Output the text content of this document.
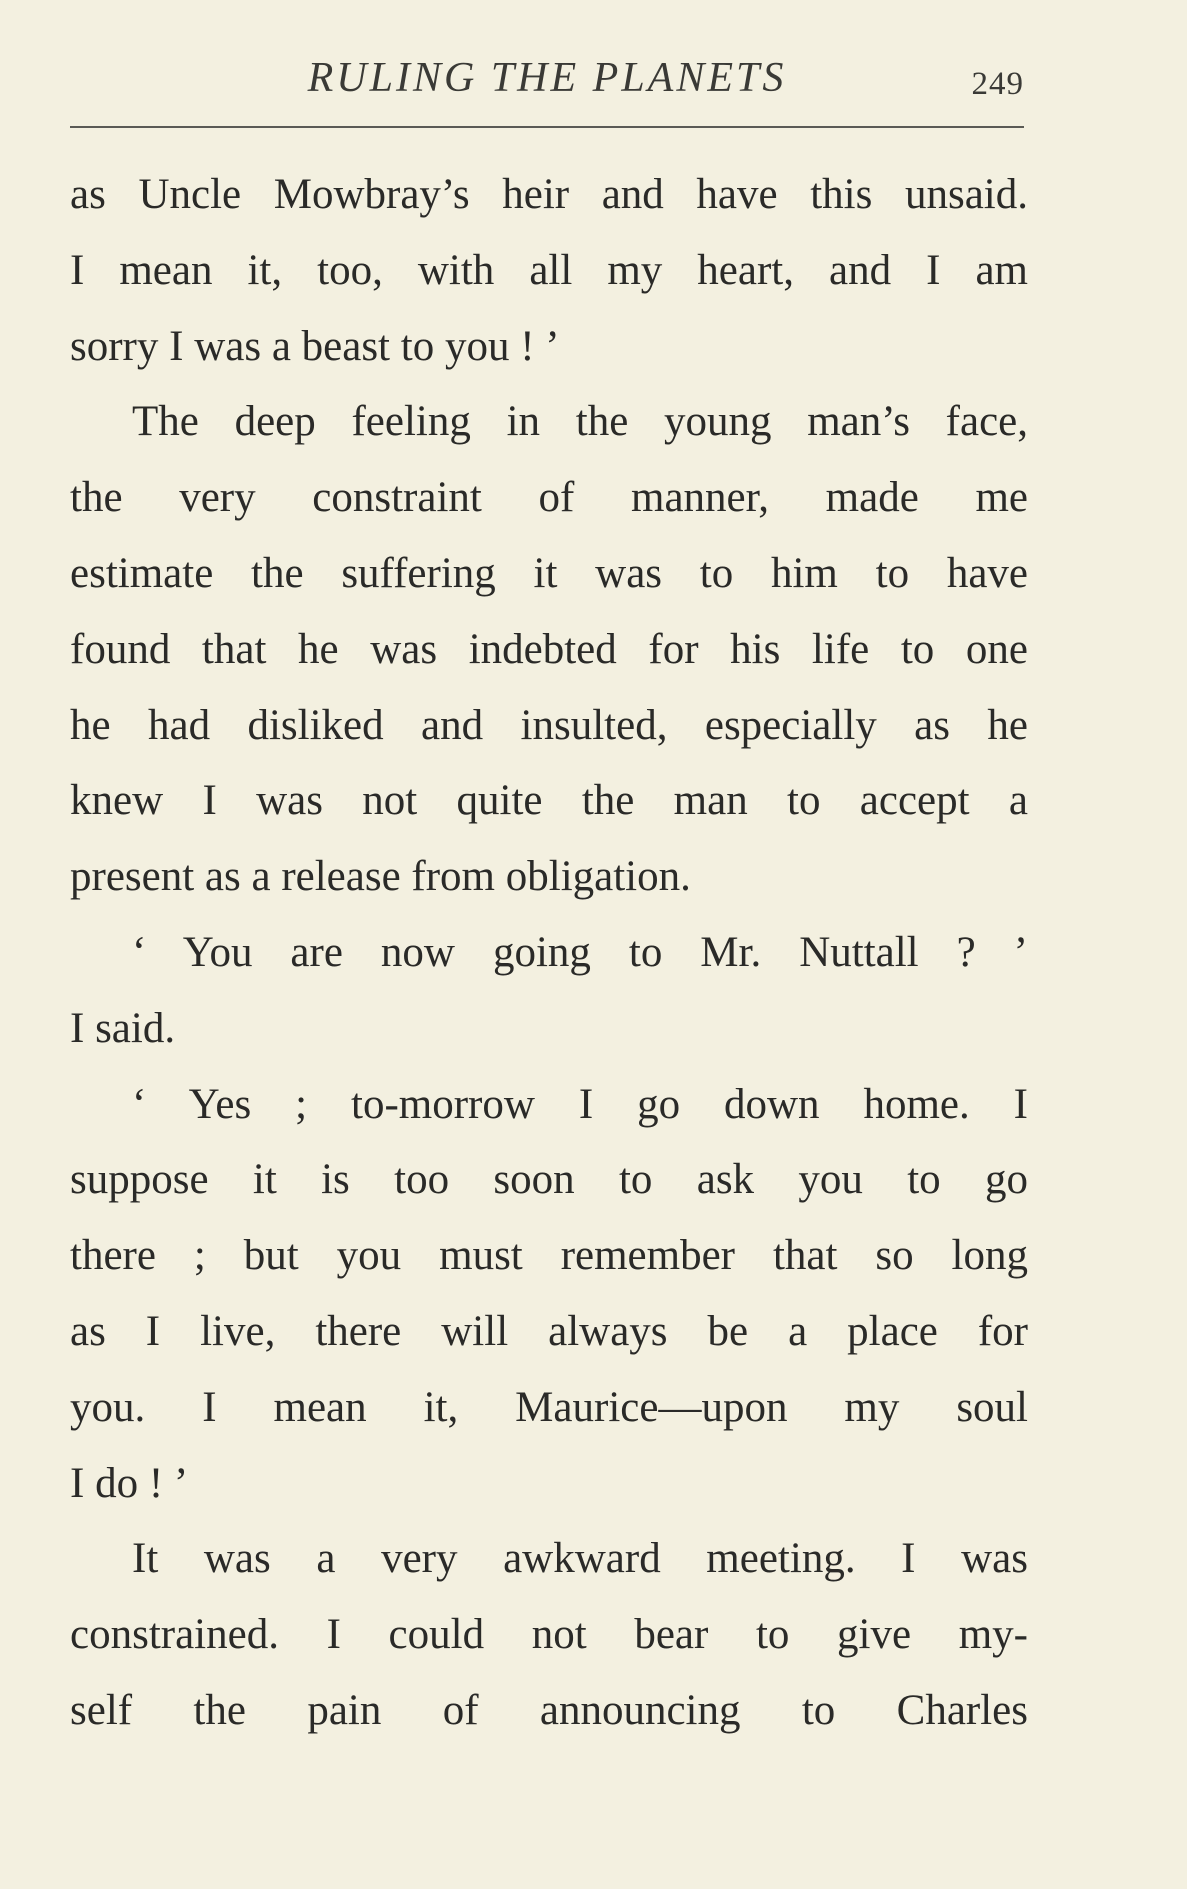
RULING THE PLANETS	249
as Uncle Mowbray’s heir and have this unsaid.
I mean it, too, with all my heart, and I am
sorry I was a beast to you ! ’
The deep feeling in the young man’s face,
the very constraint of manner, made me
estimate the suffering it was to him to have
found that he was indebted for his life to one
he had disliked and insulted, especially as he
knew I was not quite the man to accept a
present as a release from obligation.
‘ You are now going to Mr. Nuttall ? ’
I said.
‘ Yes ; to-morrow I go down home. I
suppose it is too soon to ask you to go
there ; but you must remember that so long
as I live, there will always be a place for
you. I mean it, Maurice—upon my soul
I do ! ’
It was a very awkward meeting. I was
constrained. I could not bear to give my-
self the pain of announcing to Charles
